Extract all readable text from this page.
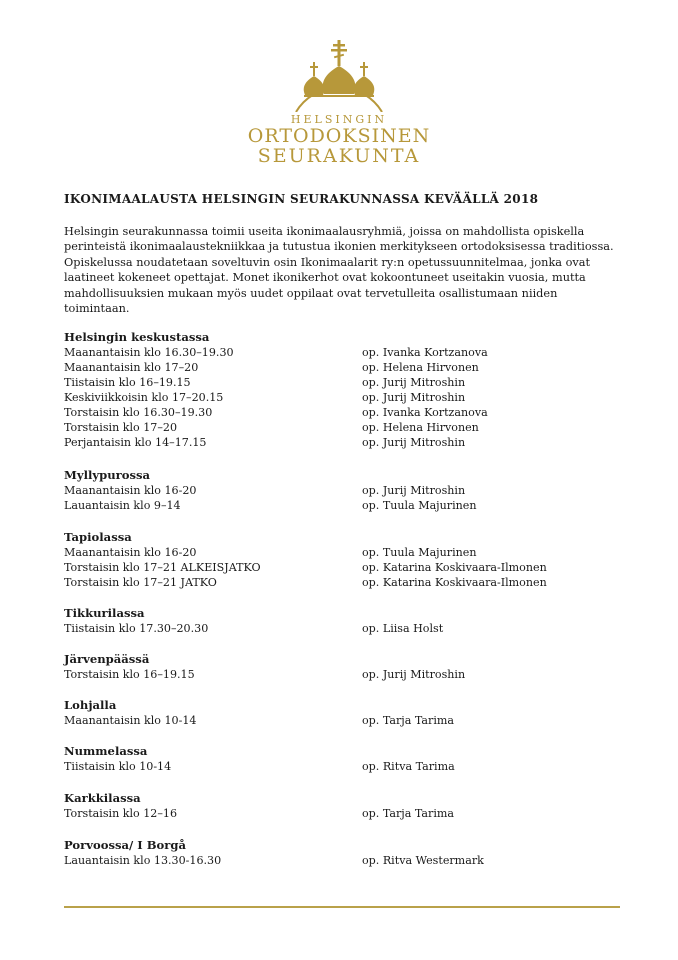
HELSINGIN
ORTODOKSINEN
SEURAKUNTA
IKONIMAALAUSTA HELSINGIN SEURAKUNNASSA KEVÄÄLLÄ 2018
Helsingin seurakunnassa toimii useita ikonimaalausryhmiä, joissa on mahdollista opiskella perinteistä ikonimaalaustekniikkaa ja tutustua ikonien merkitykseen ortodoksisessa traditiossa. Opiskelussa noudatetaan soveltuvin osin Ikonimaalarit ry:n opetussuunnitelmaa, jonka ovat laatineet kokeneet opettajat. Monet ikonikerhot ovat kokoontuneet useitakin vuosia, mutta mahdollisuuksien mukaan myös uudet oppilaat ovat tervetulleita osallistumaan niiden toimintaan.
Helsingin keskustassa
Maanantaisin klo 16.30–19.30	op. Ivanka Kortzanova
Maanantaisin klo 17–20	op. Helena Hirvonen
Tiistaisin klo 16–19.15	op. Jurij Mitroshin
Keskiviikkoisin klo 17–20.15	op. Jurij Mitroshin
Torstaisin klo 16.30–19.30	op. Ivanka Kortzanova
Torstaisin klo 17–20	op. Helena Hirvonen
Perjantaisin klo 14–17.15	op. Jurij Mitroshin
Myllypurossa
Maanantaisin klo 16-20	op. Jurij Mitroshin
Lauantaisin klo 9–14	op. Tuula Majurinen
Tapiolassa
Maanantaisin klo 16-20	op. Tuula Majurinen
Torstaisin klo 17–21 ALKEISJATKO	op. Katarina Koskivaara-Ilmonen
Torstaisin klo 17–21 JATKO	op. Katarina Koskivaara-Ilmonen
Tikkurilassa
Tiistaisin klo 17.30–20.30	op. Liisa Holst
Järvenpäässä
Torstaisin klo 16–19.15	op. Jurij Mitroshin
Lohjalla
Maanantaisin klo 10-14	op. Tarja Tarima
Nummelassa
Tiistaisin klo 10-14	op. Ritva Tarima
Karkkilassa
Torstaisin klo 12–16	op. Tarja Tarima
Porvoossa/ I Borgå
Lauantaisin klo 13.30-16.30	op. Ritva Westermark
